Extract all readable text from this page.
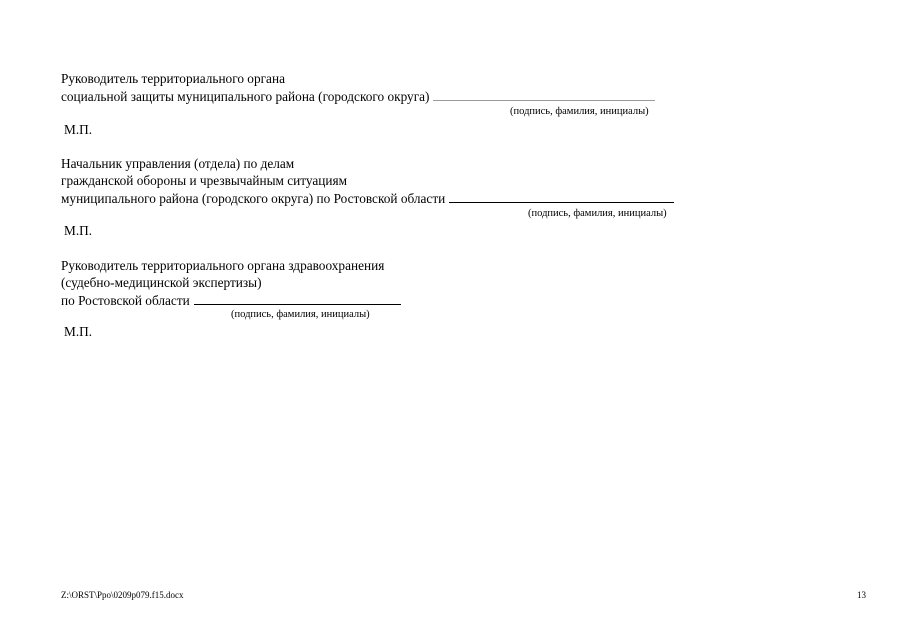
Руководитель территориального органа
социальной защиты муниципального района (городского округа)
(подпись, фамилия, инициалы)
М.П.
Начальник управления (отдела) по делам
гражданской обороны и чрезвычайным ситуациям
муниципального района (городского округа) по Ростовской области
(подпись, фамилия, инициалы)
М.П.
Руководитель территориального органа здравоохранения
(судебно-медицинской экспертизы)
по Ростовской области
(подпись, фамилия, инициалы)
М.П.
Z:\ORST\Ppo\0209p079.f15.docx	13
